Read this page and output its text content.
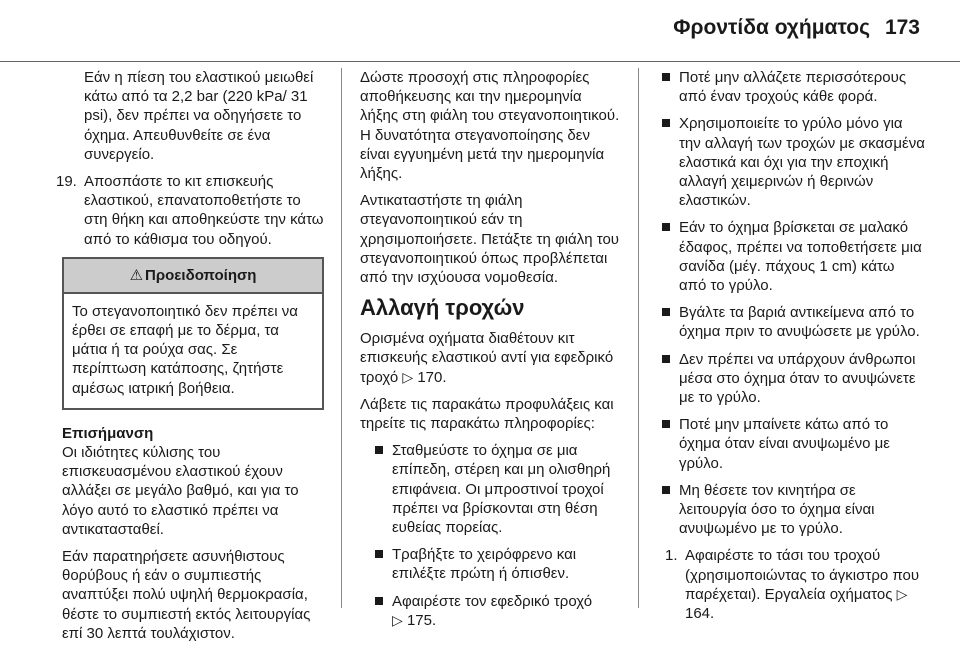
Φροντίδα οχήματος 173

Εάν η πίεση του ελαστικού μειωθεί κάτω από τα 2,2 bar (220 kPa/ 31 psi), δεν πρέπει να οδηγήσετε το όχημα. Απευθυνθείτε σε ένα συνεργείο.

19. Αποσπάστε το κιτ επισκευής ελαστικού, επανατοποθετήστε το στη θήκη και αποθηκεύστε την κάτω από το κάθισμα του οδηγού.
⚠ Προειδοποίηση
Το στεγανοποιητικό δεν πρέπει να έρθει σε επαφή με το δέρμα, τα μάτια ή τα ρούχα σας. Σε περίπτωση κατάποσης, ζητήστε αμέσως ιατρική βοήθεια.

Επισήμανση

Οι ιδιότητες κύλισης του επισκευασμένου ελαστικού έχουν αλλάξει σε μεγάλο βαθμό, και για το λόγο αυτό το ελαστικό πρέπει να αντικατασταθεί.

Εάν παρατηρήσετε ασυνήθιστους θορύβους ή εάν ο συμπιεστής αναπτύξει πολύ υψηλή θερμοκρασία, θέστε το συμπιεστή εκτός λειτουργίας επί 30 λεπτά τουλάχιστον.

Δώστε προσοχή στις πληροφορίες αποθήκευσης και την ημερομηνία λήξης στη φιάλη του στεγανοποιητικού. Η δυνατότητα στεγανοποίησης δεν είναι εγγυημένη μετά την ημερομηνία λήξης.

Αντικαταστήστε τη φιάλη στεγανοποιητικού εάν τη χρησιμοποιήσετε. Πετάξτε τη φιάλη του στεγανοποιητικού όπως προβλέπεται από την ισχύουσα νομοθεσία.

Αλλαγή τροχών

Ορισμένα οχήματα διαθέτουν κιτ επισκευής ελαστικού αντί για εφεδρικό τροχό ▷ 170.

Λάβετε τις παρακάτω προφυλάξεις και τηρείτε τις παρακάτω πληροφορίες:

Σταθμεύστε το όχημα σε μια επίπεδη, στέρεη και μη ολισθηρή επιφάνεια. Οι μπροστινοί τροχοί πρέπει να βρίσκονται στη θέση ευθείας πορείας.
Τραβήξτε το χειρόφρενο και επιλέξτε πρώτη ή όπισθεν.
Αφαιρέστε τον εφεδρικό τροχό
▷ 175.
Ποτέ μην αλλάζετε περισσότερους από έναν τροχούς κάθε φορά.
Χρησιμοποιείτε το γρύλο μόνο για την αλλαγή των τροχών με σκασμένα ελαστικά και όχι για την εποχική αλλαγή χειμερινών ή θερινών ελαστικών.
Εάν το όχημα βρίσκεται σε μαλακό έδαφος, πρέπει να τοποθετήσετε μια σανίδα (μέγ. πάχους 1 cm) κάτω από το γρύλο.
Βγάλτε τα βαριά αντικείμενα από το όχημα πριν το ανυψώσετε με γρύλο.
Δεν πρέπει να υπάρχουν άνθρωποι μέσα στο όχημα όταν το ανυψώνετε με το γρύλο.
Ποτέ μην μπαίνετε κάτω από το όχημα όταν είναι ανυψωμένο με γρύλο.
Μη θέσετε τον κινητήρα σε λειτουργία όσο το όχημα είναι ανυψωμένο με το γρύλο.
1. Αφαιρέστε το τάσι του τροχού (χρησιμοποιώντας το άγκιστρο που παρέχεται). Εργαλεία οχήματος ▷ 164.
